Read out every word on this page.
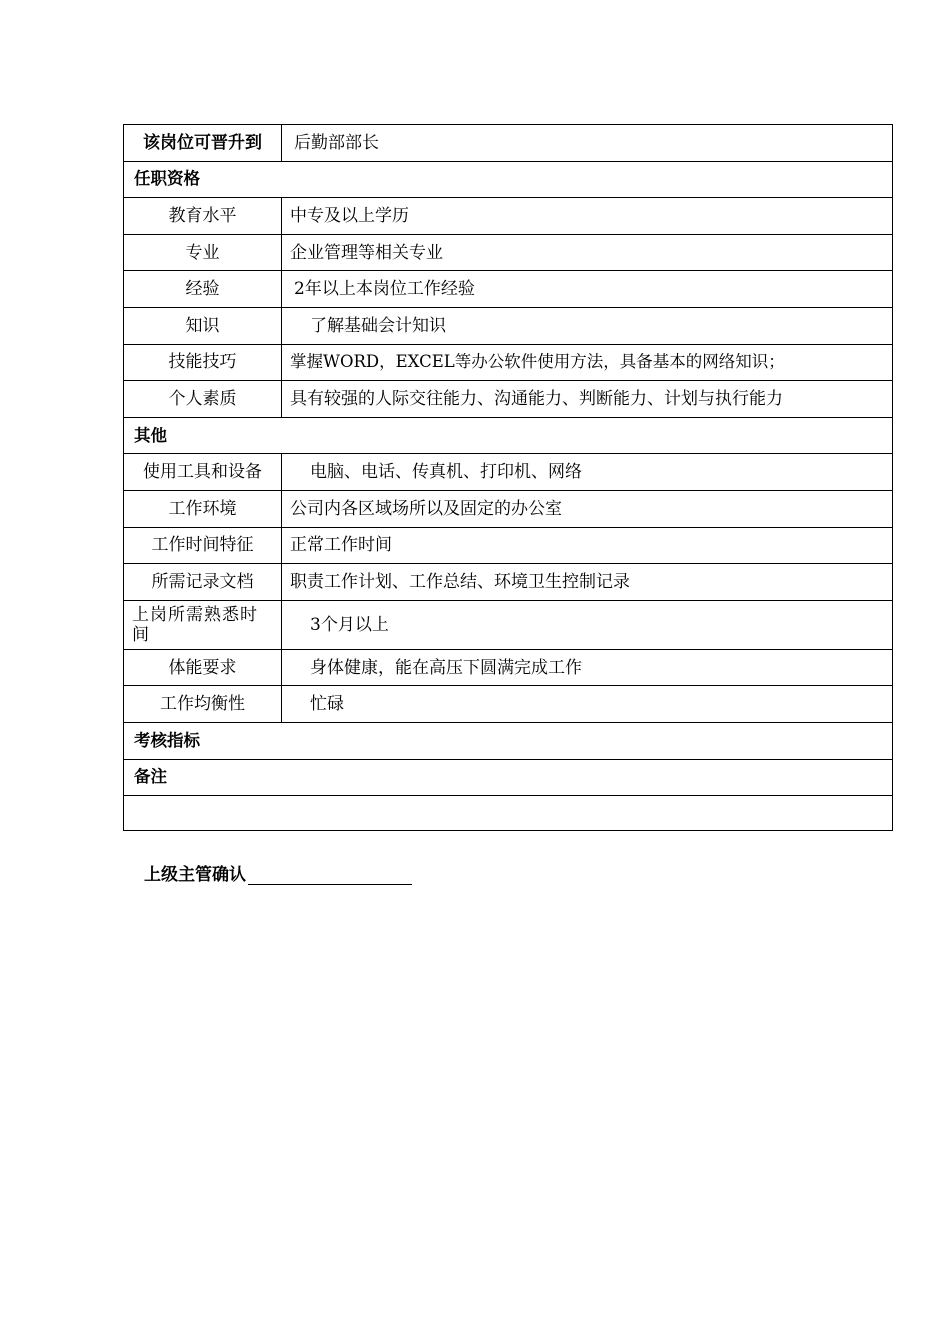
该岗位可晋升到	后勤部部长
任职资格	
教育水平	中专及以上学历
专业	企业管理等相关专业
经验	2年以上本岗位工作经验
知识	了解基础会计知识
技能技巧	掌握WORD，EXCEL等办公软件使用方法，具备基本的网络知识；
个人素质	具有较强的人际交往能力、沟通能力、判断能力、计划与执行能力
其他	
使用工具和设备	电脑、电话、传真机、打印机、网络
工作环境	公司内各区域场所以及固定的办公室
工作时间特征	正常工作时间
所需记录文档	职责工作计划、工作总结、环境卫生控制记录
上岗所需熟悉时间	3个月以上
体能要求	身体健康，能在高压下圆满完成工作
工作均衡性	忙碌
考核指标	
备注	

上级主管确认
